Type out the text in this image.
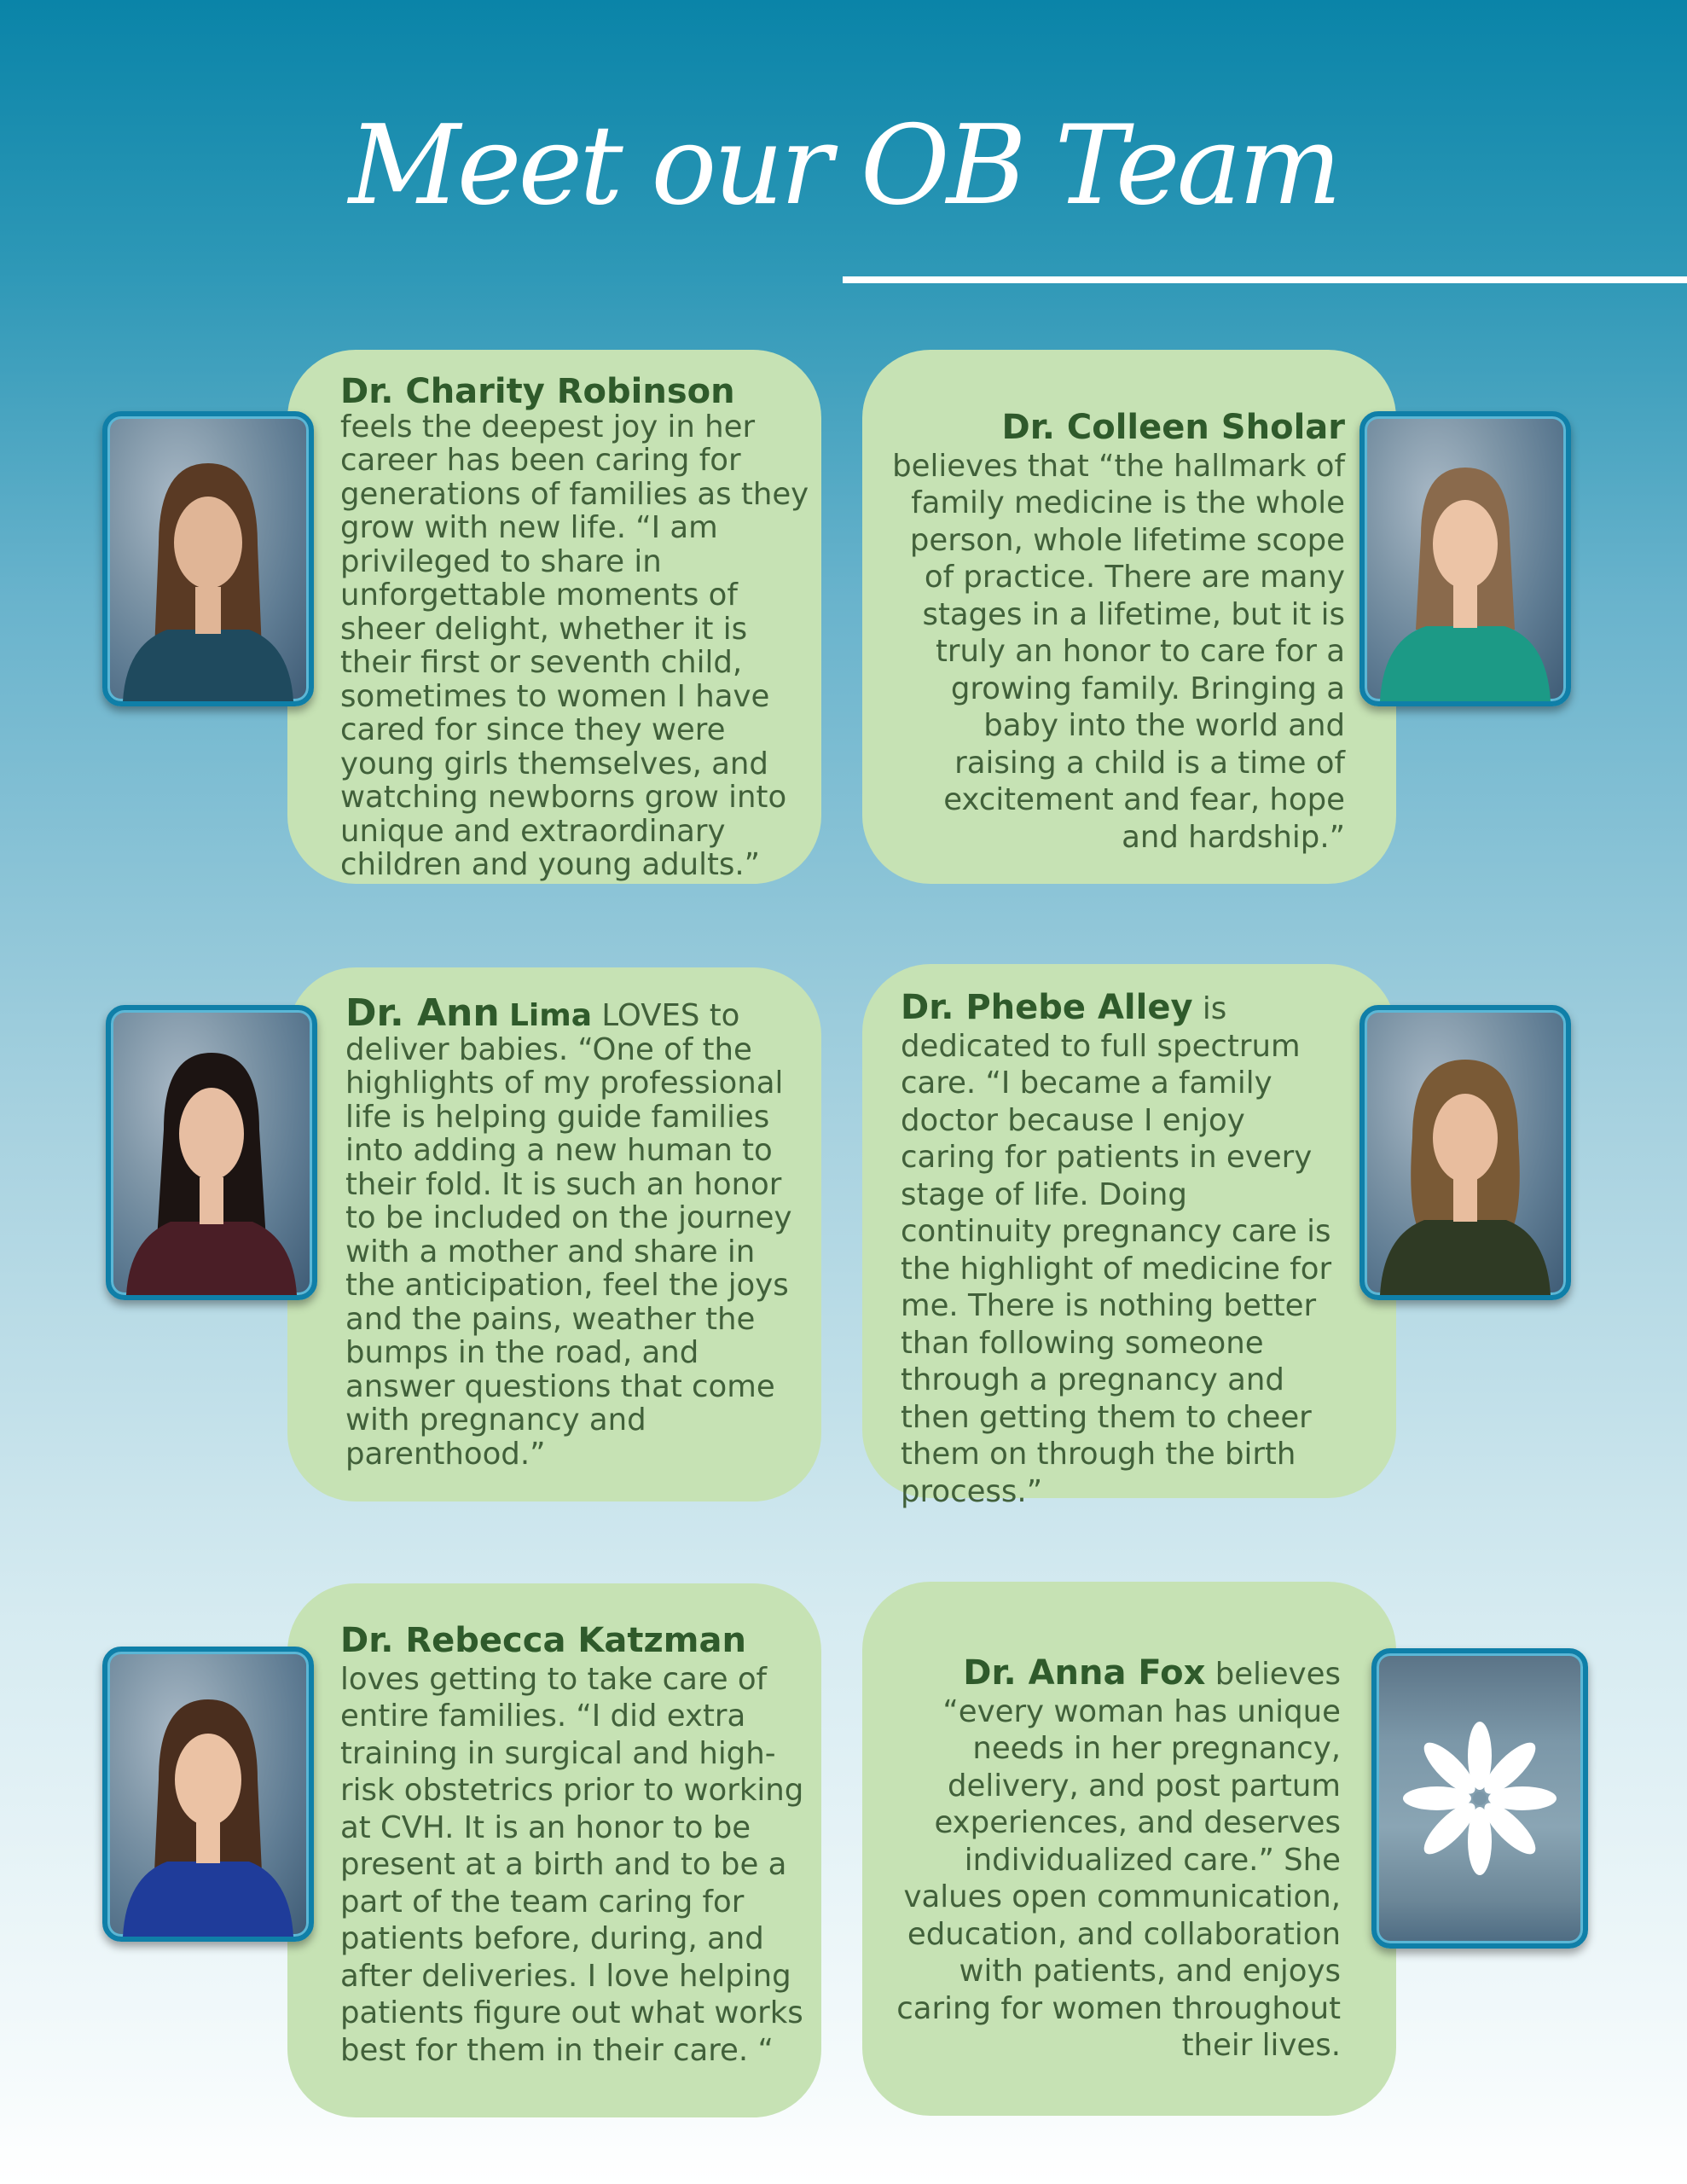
Meet our OB Team
Dr. Charity Robinson feels the deepest joy in her career has been caring for generations of families as they grow with new life. “I am privileged to share in unforgettable moments of sheer delight, whether it is their first or seventh child, sometimes to women I have cared for since they were young girls themselves, and watching newborns grow into unique and extraordinary children and young adults.”
Dr. Colleen Sholar believes that “the hallmark of family medicine is the whole person, whole lifetime scope of practice. There are many stages in a lifetime, but it is truly an honor to care for a growing family. Bringing a baby into the world and raising a child is a time of excitement and fear, hope and hardship.”
Dr. Ann Lima LOVES to deliver babies. “One of the highlights of my professional life is helping guide families into adding a new human to their fold. It is such an honor to be included on the journey with a mother and share in the anticipation, feel the joys and the pains, weather the bumps in the road, and answer questions that come with pregnancy and parenthood.”
Dr. Phebe Alley is dedicated to full spectrum care. “I became a family doctor because I enjoy caring for patients in every stage of life. Doing continuity pregnancy care is the highlight of medicine for me. There is nothing better than following someone through a pregnancy and then getting them to cheer them on through the birth process.”
Dr. Rebecca Katzman loves getting to take care of entire families. “I did extra training in surgical and high-risk obstetrics prior to working at CVH. It is an honor to be present at a birth and to be a part of the team caring for patients before, during, and after deliveries. I love helping patients figure out what works best for them in their care. “
Dr. Anna Fox believes “every woman has unique needs in her pregnancy, delivery, and post partum experiences, and deserves individualized care.” She values open communication, education, and collaboration with patients, and enjoys caring for women throughout their lives.
